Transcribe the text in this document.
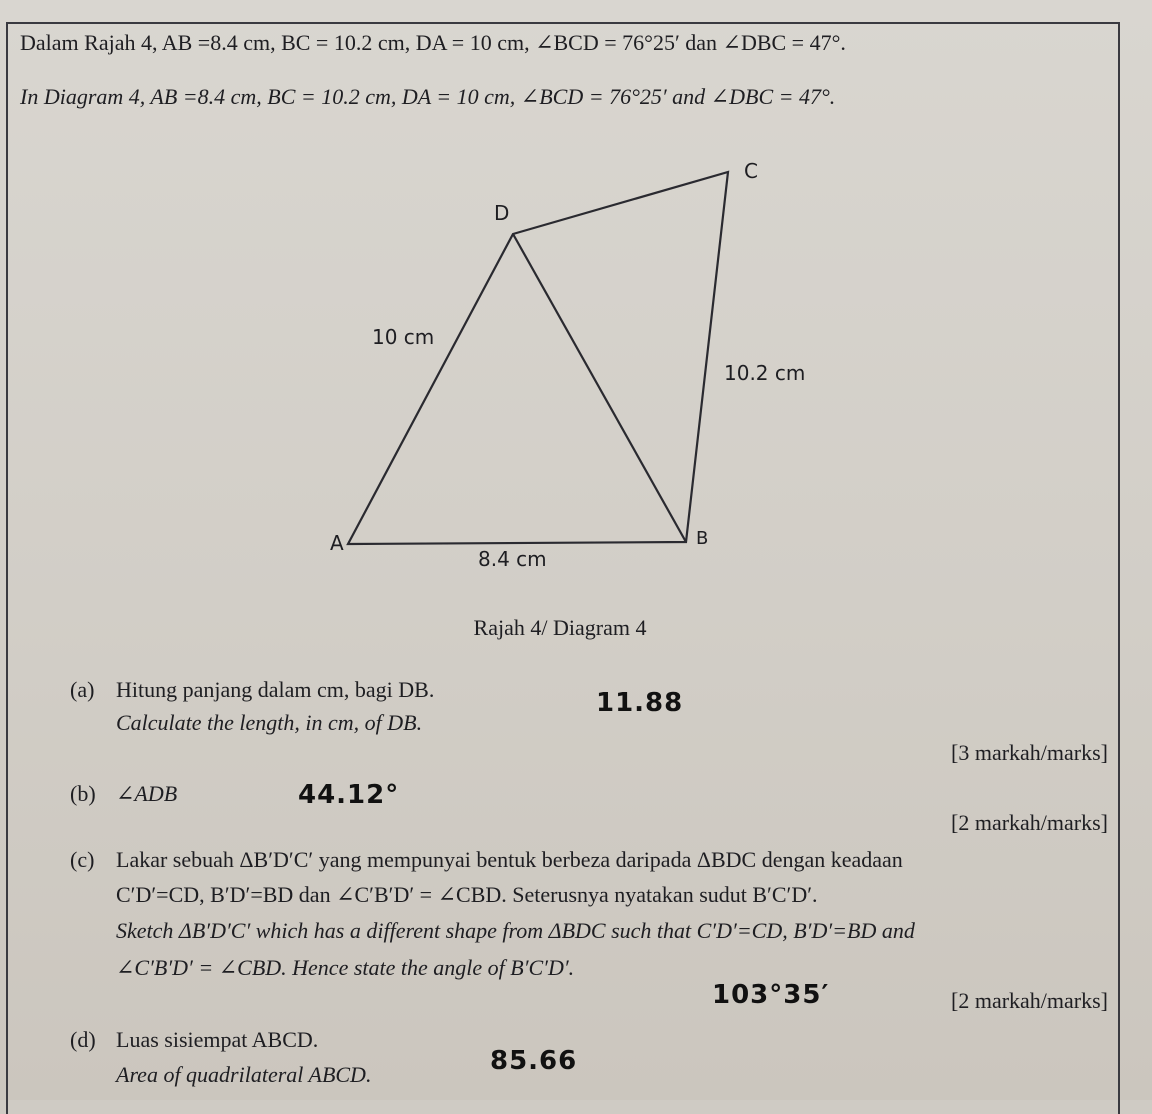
Dalam Rajah 4, AB =8.4 cm, BC = 10.2 cm, DA = 10 cm, ∠BCD = 76°25′ dan ∠DBC = 47°.
In Diagram 4, AB =8.4 cm, BC = 10.2 cm, DA = 10 cm, ∠BCD = 76°25′ and ∠DBC = 47°.
C
D
A	B
10 cm
10.2 cm
8.4 cm
Rajah 4/ Diagram 4
(a) Hitung panjang dalam cm, bagi DB.
Calculate the length, in cm, of DB.
11.88
[3 markah/marks]
(b) ∠ADB	44.12°
[2 markah/marks]
(c) Lakar sebuah ΔB′D′C′ yang mempunyai bentuk berbeza daripada ΔBDC dengan keadaan
C′D′=CD, B′D′=BD dan ∠C′B′D′ = ∠CBD. Seterusnya nyatakan sudut B′C′D′.
Sketch ΔB′D′C′ which has a different shape from ΔBDC such that C′D′=CD, B′D′=BD and
∠C′B′D′ = ∠CBD. Hence state the angle of B′C′D′.
103°35′	[2 markah/marks]
(d) Luas sisiempat ABCD.
Area of quadrilateral ABCD.	85.66
